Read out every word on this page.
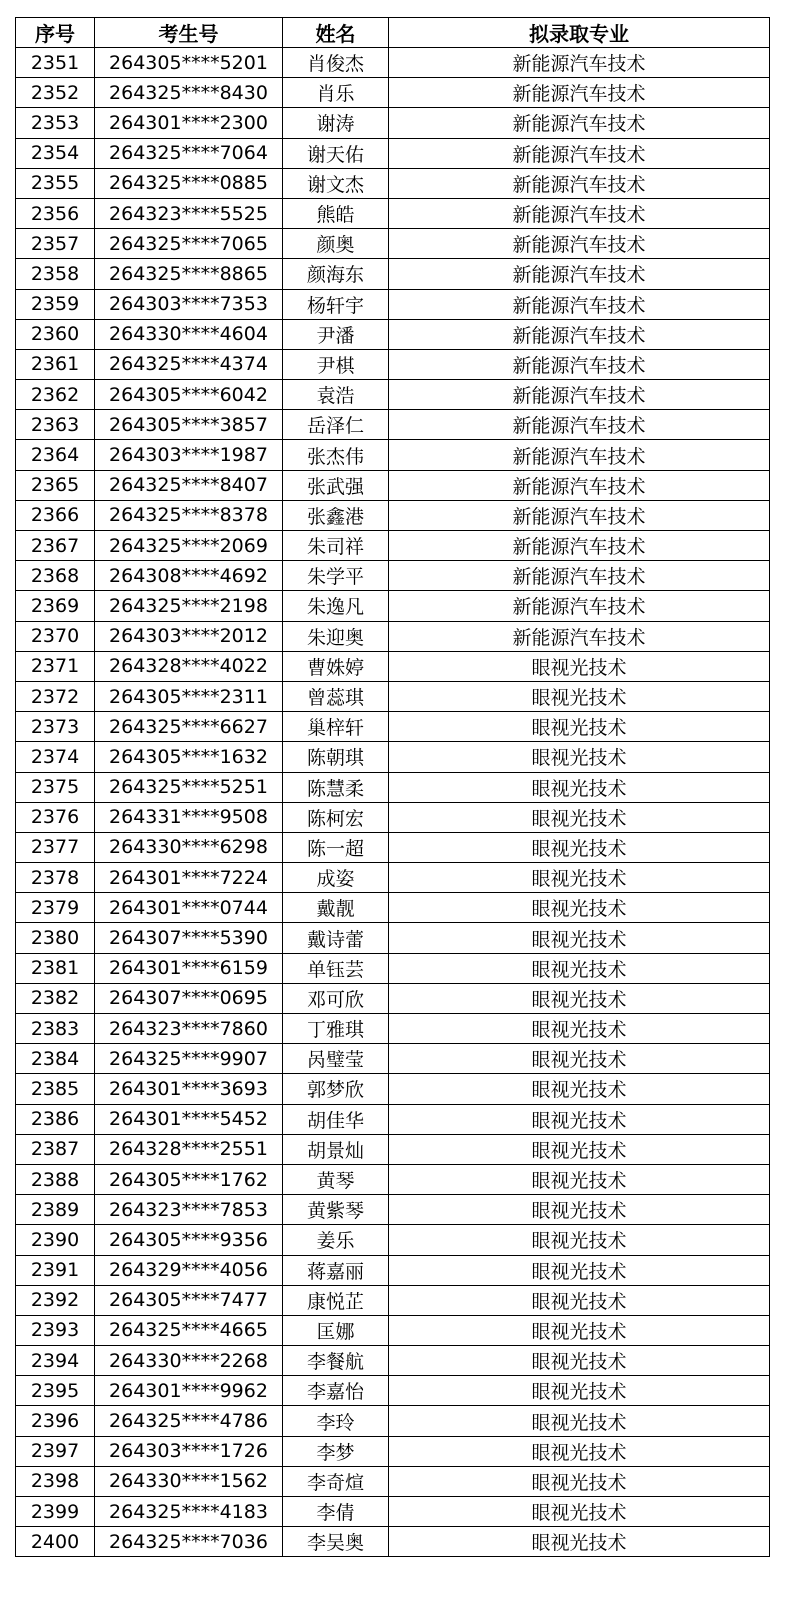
序号	考生号	姓名	拟录取专业
2351	264305****5201	肖俊杰	新能源汽车技术
2352	264325****8430	肖乐	新能源汽车技术
2353	264301****2300	谢涛	新能源汽车技术
2354	264325****7064	谢天佑	新能源汽车技术
2355	264325****0885	谢文杰	新能源汽车技术
2356	264323****5525	熊皓	新能源汽车技术
2357	264325****7065	颜奥	新能源汽车技术
2358	264325****8865	颜海东	新能源汽车技术
2359	264303****7353	杨轩宇	新能源汽车技术
2360	264330****4604	尹潘	新能源汽车技术
2361	264325****4374	尹棋	新能源汽车技术
2362	264305****6042	袁浩	新能源汽车技术
2363	264305****3857	岳泽仁	新能源汽车技术
2364	264303****1987	张杰伟	新能源汽车技术
2365	264325****8407	张武强	新能源汽车技术
2366	264325****8378	张鑫港	新能源汽车技术
2367	264325****2069	朱司祥	新能源汽车技术
2368	264308****4692	朱学平	新能源汽车技术
2369	264325****2198	朱逸凡	新能源汽车技术
2370	264303****2012	朱迎奥	新能源汽车技术
2371	264328****4022	曹姝婷	眼视光技术
2372	264305****2311	曾蕊琪	眼视光技术
2373	264325****6627	巢梓轩	眼视光技术
2374	264305****1632	陈朝琪	眼视光技术
2375	264325****5251	陈慧柔	眼视光技术
2376	264331****9508	陈柯宏	眼视光技术
2377	264330****6298	陈一超	眼视光技术
2378	264301****7224	成姿	眼视光技术
2379	264301****0744	戴靓	眼视光技术
2380	264307****5390	戴诗蕾	眼视光技术
2381	264301****6159	单钰芸	眼视光技术
2382	264307****0695	邓可欣	眼视光技术
2383	264323****7860	丁雅琪	眼视光技术
2384	264325****9907	呙璧莹	眼视光技术
2385	264301****3693	郭梦欣	眼视光技术
2386	264301****5452	胡佳华	眼视光技术
2387	264328****2551	胡景灿	眼视光技术
2388	264305****1762	黄琴	眼视光技术
2389	264323****7853	黄紫琴	眼视光技术
2390	264305****9356	姜乐	眼视光技术
2391	264329****4056	蒋嘉丽	眼视光技术
2392	264305****7477	康悦芷	眼视光技术
2393	264325****4665	匡娜	眼视光技术
2394	264330****2268	李餐航	眼视光技术
2395	264301****9962	李嘉怡	眼视光技术
2396	264325****4786	李玲	眼视光技术
2397	264303****1726	李梦	眼视光技术
2398	264330****1562	李奇煊	眼视光技术
2399	264325****4183	李倩	眼视光技术
2400	264325****7036	李吴奥	眼视光技术
